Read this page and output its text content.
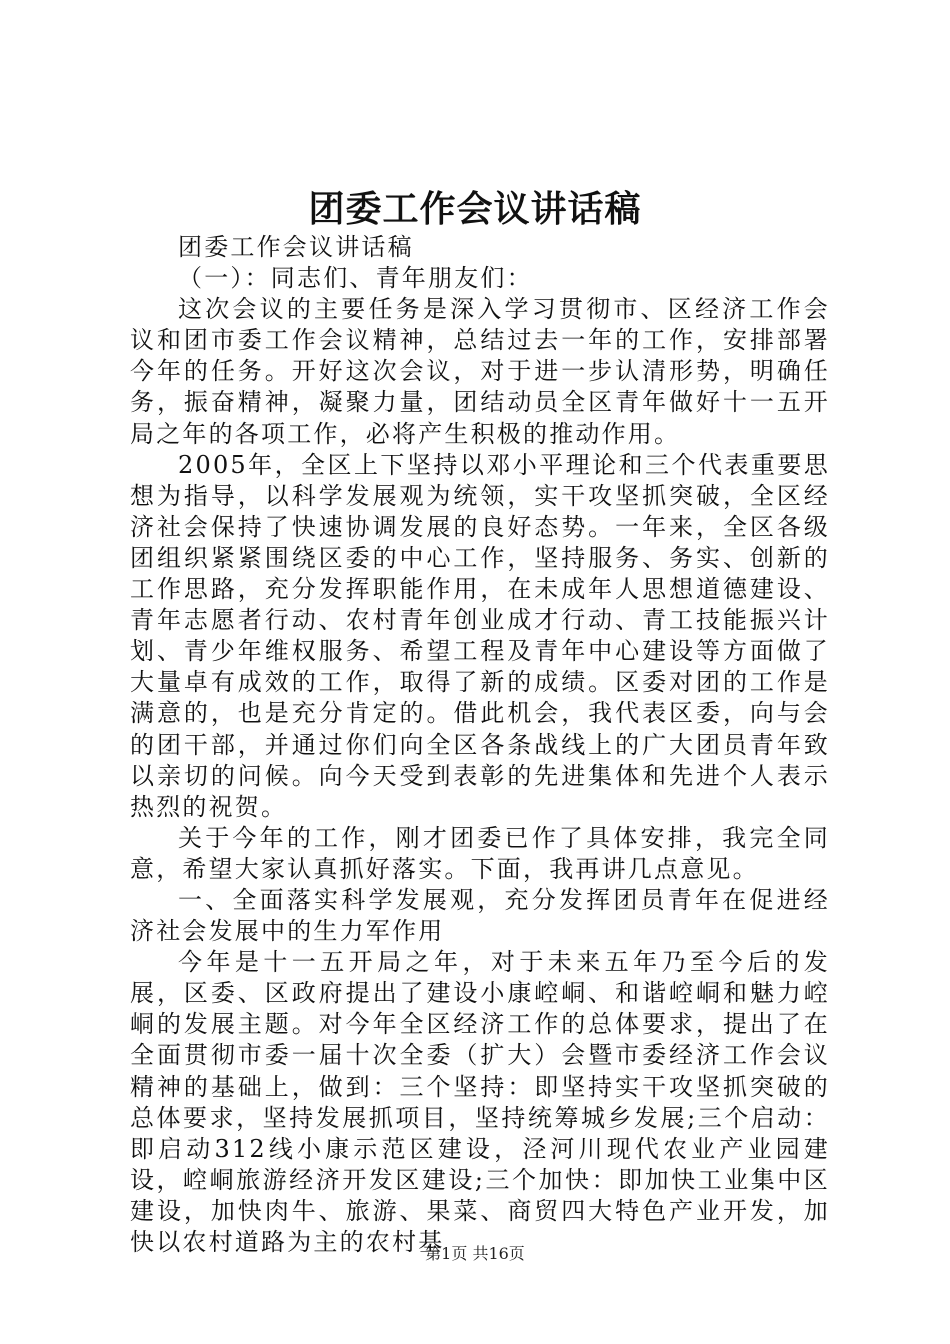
团委工作会议讲话稿

团委工作会议讲话稿

（一）：同志们、青年朋友们：

这次会议的主要任务是深入学习贯彻市、区经济工作会议和团市委工作会议精神，总结过去一年的工作，安排部署今年的任务。开好这次会议，对于进一步认清形势，明确任务，振奋精神，凝聚力量，团结动员全区青年做好十一五开局之年的各项工作，必将产生积极的推动作用。

2005年，全区上下坚持以邓小平理论和三个代表重要思想为指导，以科学发展观为统领，实干攻坚抓突破，全区经济社会保持了快速协调发展的良好态势。一年来，全区各级团组织紧紧围绕区委的中心工作，坚持服务、务实、创新的工作思路，充分发挥职能作用，在未成年人思想道德建设、青年志愿者行动、农村青年创业成才行动、青工技能振兴计划、青少年维权服务、希望工程及青年中心建设等方面做了大量卓有成效的工作，取得了新的成绩。区委对团的工作是满意的，也是充分肯定的。借此机会，我代表区委，向与会的团干部，并通过你们向全区各条战线上的广大团员青年致以亲切的问候。向今天受到表彰的先进集体和先进个人表示热烈的祝贺。

关于今年的工作，刚才团委已作了具体安排，我完全同意，希望大家认真抓好落实。下面，我再讲几点意见。

一、全面落实科学发展观，充分发挥团员青年在促进经济社会发展中的生力军作用

今年是十一五开局之年，对于未来五年乃至今后的发展，区委、区政府提出了建设小康崆峒、和谐崆峒和魅力崆峒的发展主题。对今年全区经济工作的总体要求，提出了在全面贯彻市委一届十次全委（扩大）会暨市委经济工作会议精神的基础上，做到：三个坚持：即坚持实干攻坚抓突破的总体要求，坚持发展抓项目，坚持统筹城乡发展;三个启动：即启动312线小康示范区建设，泾河川现代农业产业园建设，崆峒旅游经济开发区建设;三个加快：即加快工业集中区建设，加快肉牛、旅游、果菜、商贸四大特色产业开发，加快以农村道路为主的农村基

第1页 共16页
